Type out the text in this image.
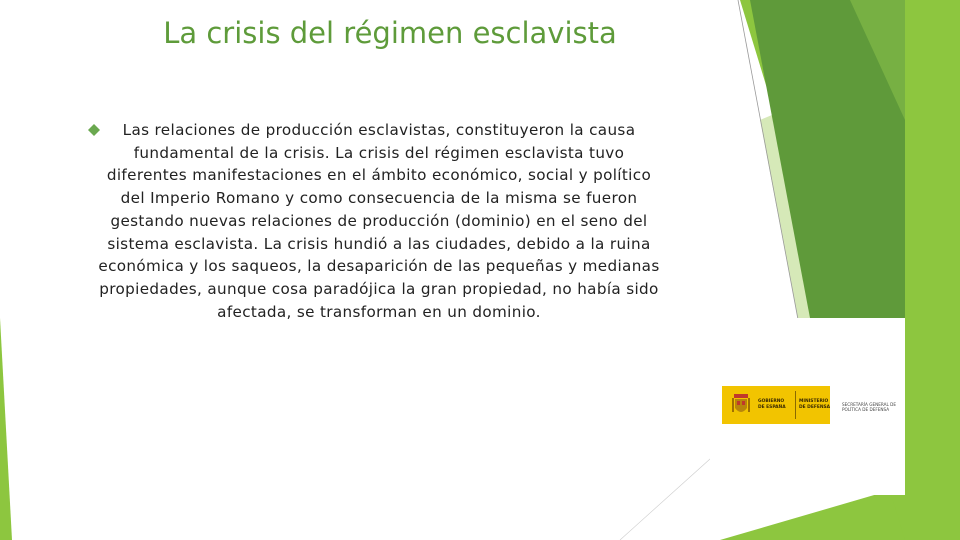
La crisis del régimen esclavista

Las relaciones de producción esclavistas, constituyeron la causa fundamental de la crisis. La crisis del régimen esclavista tuvo diferentes manifestaciones en el ámbito económico, social y político del Imperio Romano y como consecuencia de la misma se fueron gestando nuevas relaciones de producción (dominio) en el seno del sistema esclavista. La crisis hundió a las ciudades, debido a la ruina económica y los saqueos, la desaparición de las pequeñas y medianas propiedades, aunque cosa paradójica la gran propiedad, no había sido afectada, se transforman en un dominio.

GOBIERNO
DE ESPAÑA
MINISTERIO
DE DEFENSA	SECRETARÍA GENERAL DE
POLÍTICA DE DEFENSA
